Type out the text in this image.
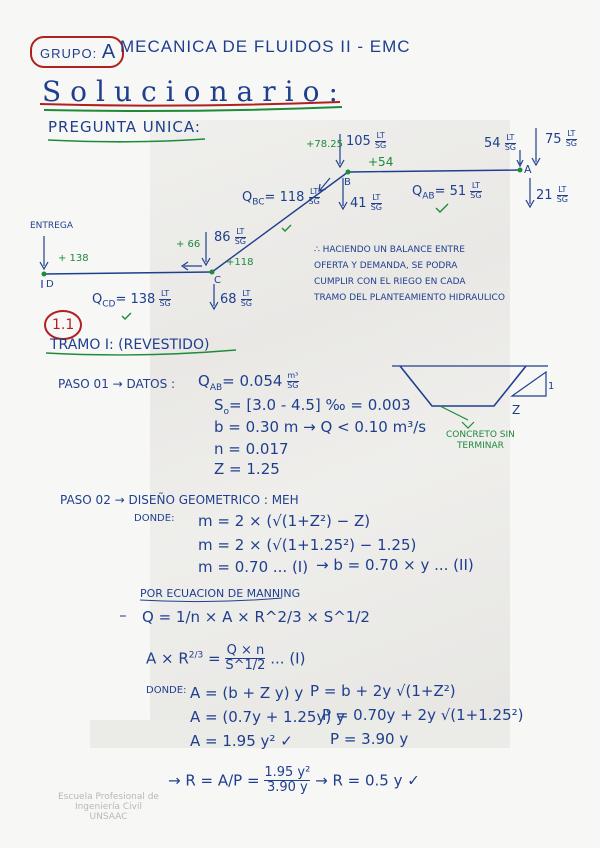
GRUPO: A MECANICA DE FLUIDOS II - EMC
Solucionario:
PREGUNTA UNICA:
$75 \frac{LT}{SG}$
$54 \frac{LT}{SG}$
A
$21 \frac{LT}{SG}$
+78.25 $105 \frac{LT}{SG}$
+54
B
$41 \frac{LT}{SG}$
$Q_{AB}= 51 \frac{LT}{SG}$
$Q_{BC}= 118 \frac{LT}{SG}$
$86 \frac{LT}{SG}$
+ 66
+118
C
$68 \frac{LT}{SG}$
ENTREGA
+ 138
D
$Q_{CD}= 138 \frac{LT}{SG}$
∴ HACIENDO UN BALANCE ENTRE
OFERTA Y DEMANDA, SE PODRA
CUMPLIR CON EL RIEGO EN CADA
TRAMO DEL PLANTEAMIENTO HIDRAULICO
1.1
TRAMO I: (REVESTIDO)
PASO 01 → DATOS : $Q_{AB}= 0.054 \frac{\text{m³}}{SG}$
$S_o= [3.0 - 4.5]$ ‰ = 0.003
b = 0.30 m → Q < 0.10 m³/s
n = 0.017
Z = 1.25
CONCRETO SIN
TERMINAR
Z
1
PASO 02 → DISEÑO GEOMETRICO : MEH
DONDE: m = 2 × (√(1+Z²) − Z)
m = 2 × (√(1+1.25²) − 1.25)
m = 0.70 ... (I) → b = 0.70 × y ... (II)
POR ECUACION DE MANNING
Q = 1/n × A × R^2/3 × S^1/2
$A \times R^{2/3} = \frac{Q \times n}{S\^{}1/2}$ ... (I)
DONDE: A = (b + Z y) y P = b + 2y √(1+Z²)
A = (0.7y + 1.25y) y
P = 0.70y + 2y √(1+1.25²)
A = 1.95 y² ✓ P = 3.90 y
→ $R = A/P = \frac{\text{1.95 y²}}{3.90 y} \to R = 0.5$ y ✓
Escuela Profesional de
Ingeniería Civil
UNSAAC
